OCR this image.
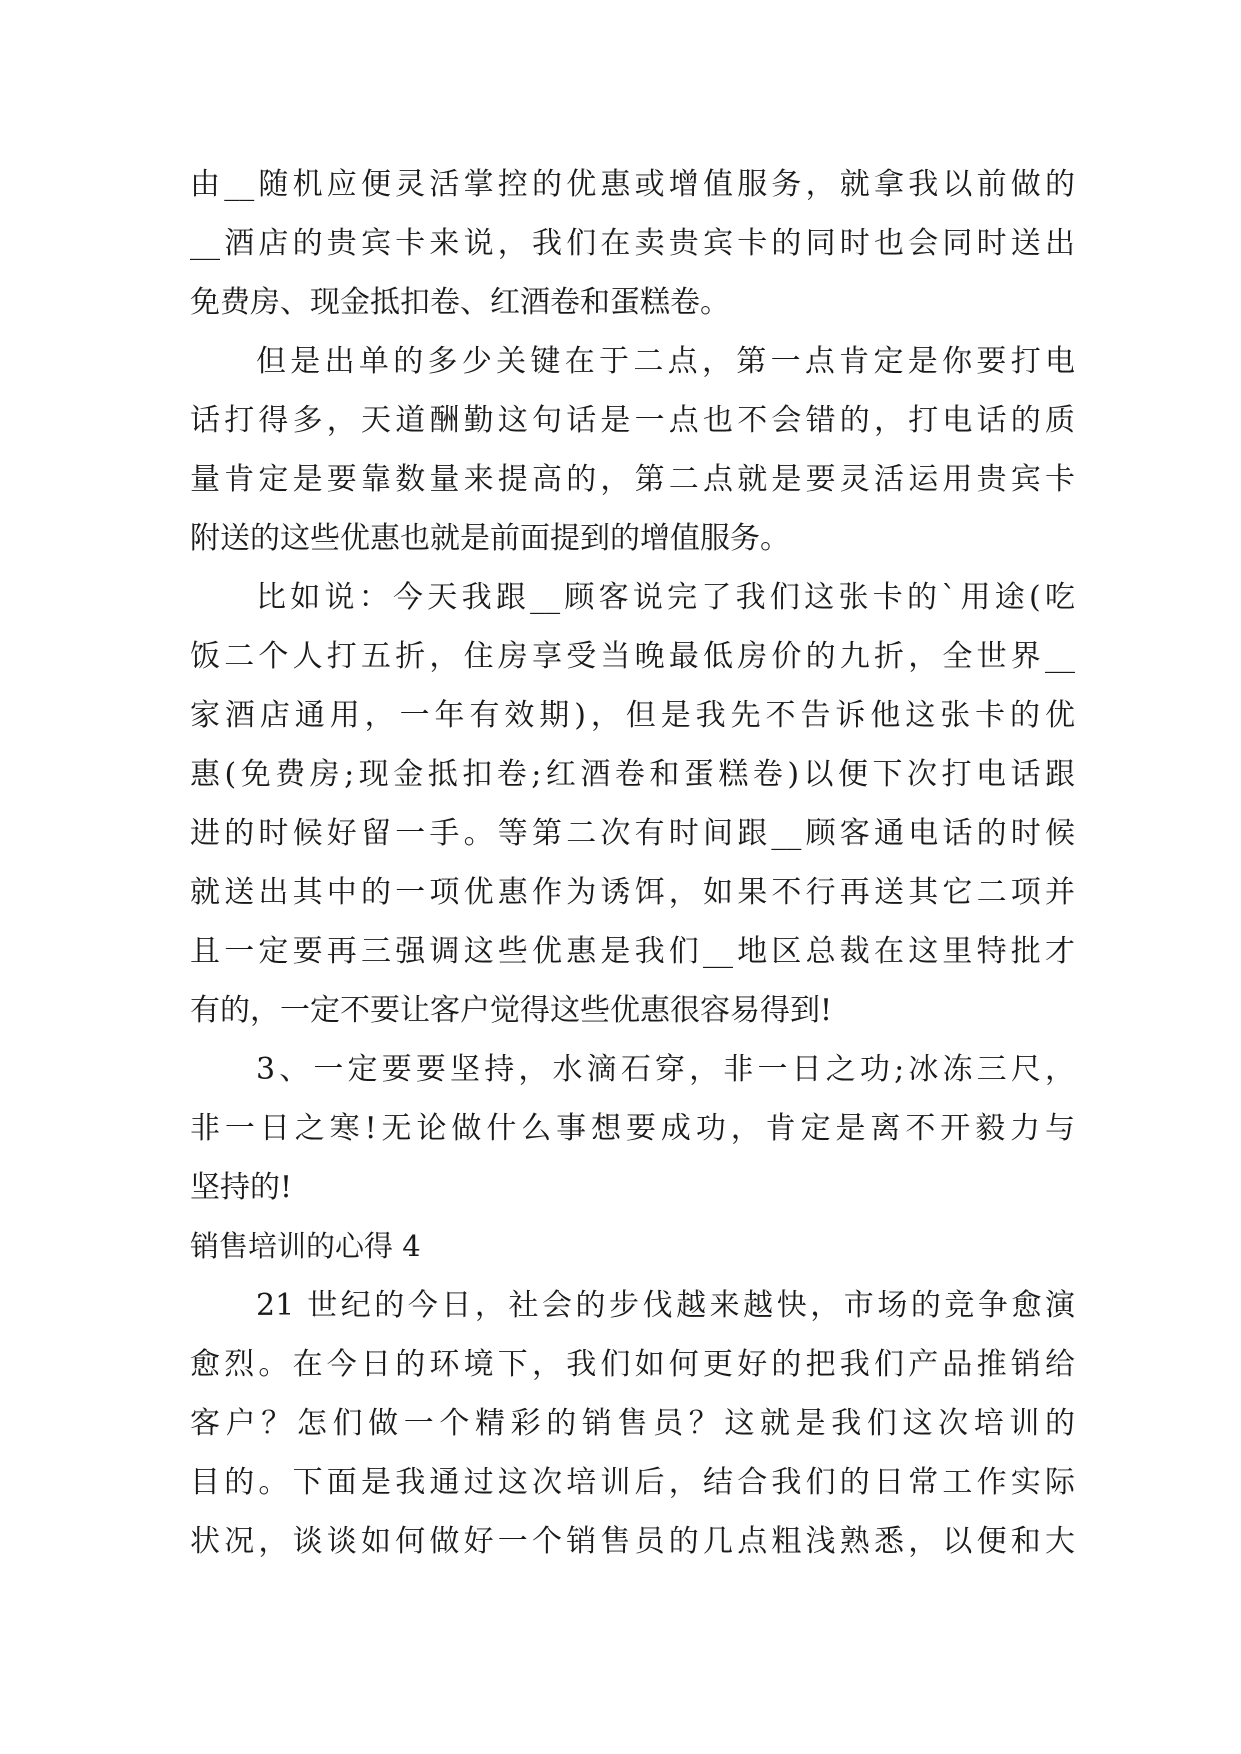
由__随机应便灵活掌控的优惠或增值服务，就拿我以前做的
__酒店的贵宾卡来说，我们在卖贵宾卡的同时也会同时送出
免费房、现金抵扣卷、红酒卷和蛋糕卷。
但是出单的多少关键在于二点，第一点肯定是你要打电
话打得多，天道酬勤这句话是一点也不会错的，打电话的质
量肯定是要靠数量来提高的，第二点就是要灵活运用贵宾卡
附送的这些优惠也就是前面提到的增值服务。
比如说：今天我跟__顾客说完了我们这张卡的`用途(吃
饭二个人打五折，住房享受当晚最低房价的九折，全世界__
家酒店通用，一年有效期)，但是我先不告诉他这张卡的优
惠(免费房;现金抵扣卷;红酒卷和蛋糕卷)以便下次打电话跟
进的时候好留一手。等第二次有时间跟__顾客通电话的时候
就送出其中的一项优惠作为诱饵，如果不行再送其它二项并
且一定要再三强调这些优惠是我们__地区总裁在这里特批才
有的，一定不要让客户觉得这些优惠很容易得到!
3、一定要要坚持，水滴石穿，非一日之功;冰冻三尺，
非一日之寒!无论做什么事想要成功，肯定是离不开毅力与
坚持的!
销售培训的心得 4
21 世纪的今日，社会的步伐越来越快，市场的竞争愈演
愈烈。在今日的环境下，我们如何更好的把我们产品推销给
客户？怎们做一个精彩的销售员？这就是我们这次培训的
目的。下面是我通过这次培训后，结合我们的日常工作实际
状况，谈谈如何做好一个销售员的几点粗浅熟悉，以便和大
